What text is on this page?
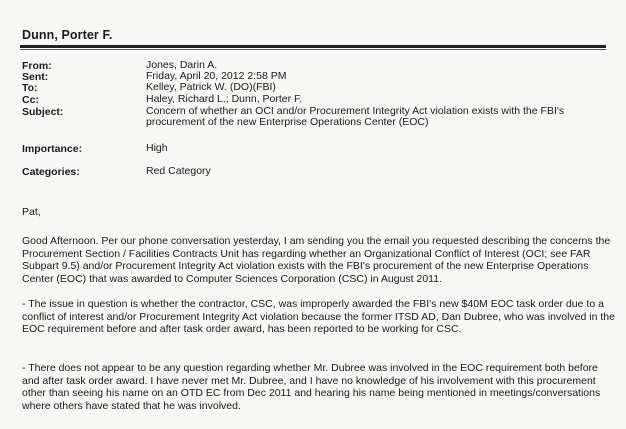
Dunn, Porter F.
From:	Jones, Darin A.
Sent:	Friday, April 20, 2012 2:58 PM
To:	Kelley, Patrick W. (DO)(FBI)
Cc:	Haley, Richard L.; Dunn, Porter F.
Subject:	Concern of whether an OCI and/or Procurement Integrity Act violation exists with the FBI's
procurement of the new Enterprise Operations Center (EOC)
Importance:	High
Categories:	Red Category
Pat,

Good Afternoon. Per our phone conversation yesterday, I am sending you the email you requested describing the concerns the Procurement Section / Facilities Contracts Unit has regarding whether an Organizational Conflict of Interest (OCI; see FAR Subpart 9.5) and/or Procurement Integrity Act violation exists with the FBI's procurement of the new Enterprise Operations Center (EOC) that was awarded to Computer Sciences Corporation (CSC) in August 2011.

- The issue in question is whether the contractor, CSC, was improperly awarded the FBI's new $40M EOC task order due to a conflict of interest and/or Procurement Integrity Act violation because the former ITSD AD, Dan Dubree, who was involved in the EOC requirement before and after task order award, has been reported to be working for CSC.

- There does not appear to be any question regarding whether Mr. Dubree was involved in the EOC requirement both before and after task order award. I have never met Mr. Dubree, and I have no knowledge of his involvement with this procurement other than seeing his name on an OTD EC from Dec 2011 and hearing his name being mentioned in meetings/conversations where others have stated that he was involved.
